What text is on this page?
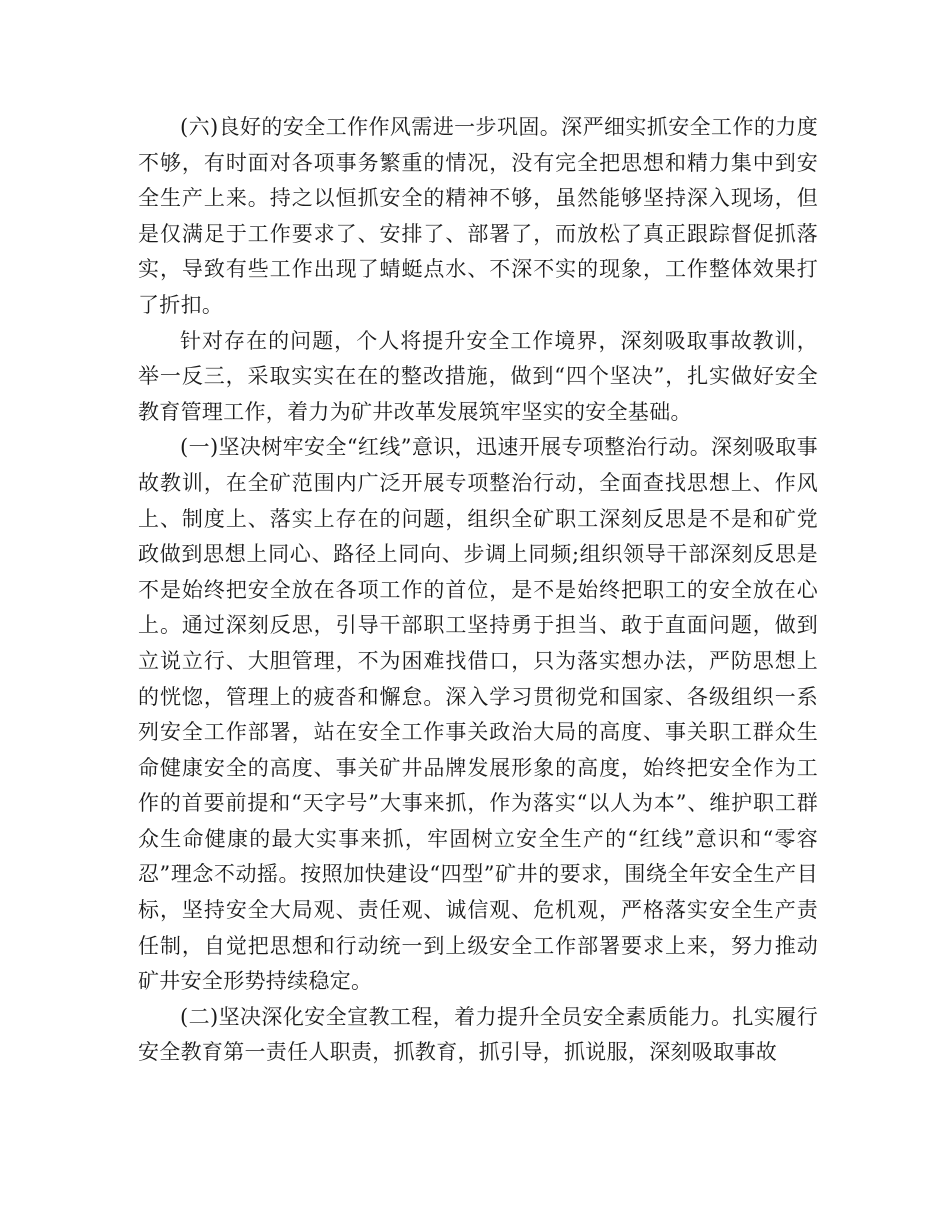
(六)良好的安全工作作风需进一步巩固。深严细实抓安全工作的力度不够，有时面对各项事务繁重的情况，没有完全把思想和精力集中到安全生产上来。持之以恒抓安全的精神不够，虽然能够坚持深入现场，但是仅满足于工作要求了、安排了、部署了，而放松了真正跟踪督促抓落实，导致有些工作出现了蜻蜓点水、不深不实的现象，工作整体效果打了折扣。

针对存在的问题，个人将提升安全工作境界，深刻吸取事故教训，举一反三，采取实实在在的整改措施，做到“四个坚决”，扎实做好安全教育管理工作，着力为矿井改革发展筑牢坚实的安全基础。

(一)坚决树牢安全“红线”意识，迅速开展专项整治行动。深刻吸取事故教训，在全矿范围内广泛开展专项整治行动，全面查找思想上、作风上、制度上、落实上存在的问题，组织全矿职工深刻反思是不是和矿党政做到思想上同心、路径上同向、步调上同频;组织领导干部深刻反思是不是始终把安全放在各项工作的首位，是不是始终把职工的安全放在心上。通过深刻反思，引导干部职工坚持勇于担当、敢于直面问题，做到立说立行、大胆管理，不为困难找借口，只为落实想办法，严防思想上的恍惚，管理上的疲沓和懈怠。深入学习贯彻党和国家、各级组织一系列安全工作部署，站在安全工作事关政治大局的高度、事关职工群众生命健康安全的高度、事关矿井品牌发展形象的高度，始终把安全作为工作的首要前提和“天字号”大事来抓，作为落实“以人为本”、维护职工群众生命健康的最大实事来抓，牢固树立安全生产的“红线”意识和“零容忍”理念不动摇。按照加快建设“四型”矿井的要求，围绕全年安全生产目标，坚持安全大局观、责任观、诚信观、危机观，严格落实安全生产责任制，自觉把思想和行动统一到上级安全工作部署要求上来，努力推动矿井安全形势持续稳定。

(二)坚决深化安全宣教工程，着力提升全员安全素质能力。扎实履行安全教育第一责任人职责，抓教育，抓引导，抓说服，深刻吸取事故
